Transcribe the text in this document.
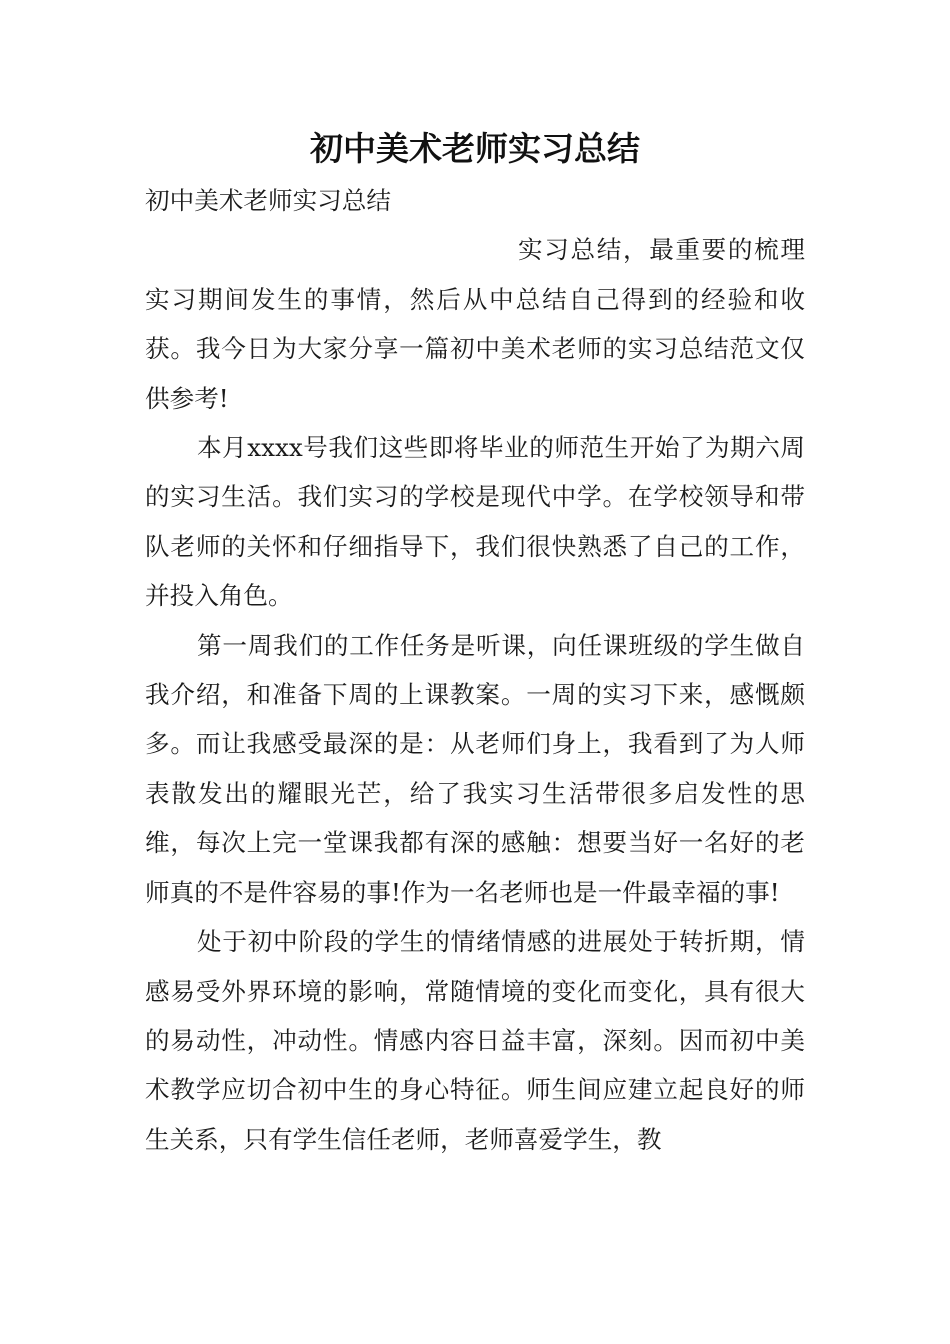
初中美术老师实习总结

初中美术老师实习总结

实习总结，最重要的梳理实习期间发生的事情，然后从中总结自己得到的经验和收获。我今日为大家分享一篇初中美术老师的实习总结范文仅供参考!

本月xxxx号我们这些即将毕业的师范生开始了为期六周的实习生活。我们实习的学校是现代中学。在学校领导和带队老师的关怀和仔细指导下，我们很快熟悉了自己的工作，并投入角色。

第一周我们的工作任务是听课，向任课班级的学生做自我介绍，和准备下周的上课教案。一周的实习下来，感慨颇多。而让我感受最深的是：从老师们身上，我看到了为人师表散发出的耀眼光芒，给了我实习生活带很多启发性的思维，每次上完一堂课我都有深的感触：想要当好一名好的老师真的不是件容易的事!作为一名老师也是一件最幸福的事!

处于初中阶段的学生的情绪情感的进展处于转折期，情感易受外界环境的影响，常随情境的变化而变化，具有很大的易动性，冲动性。情感内容日益丰富，深刻。因而初中美术教学应切合初中生的身心特征。师生间应建立起良好的师生关系，只有学生信任老师，老师喜爱学生，教
